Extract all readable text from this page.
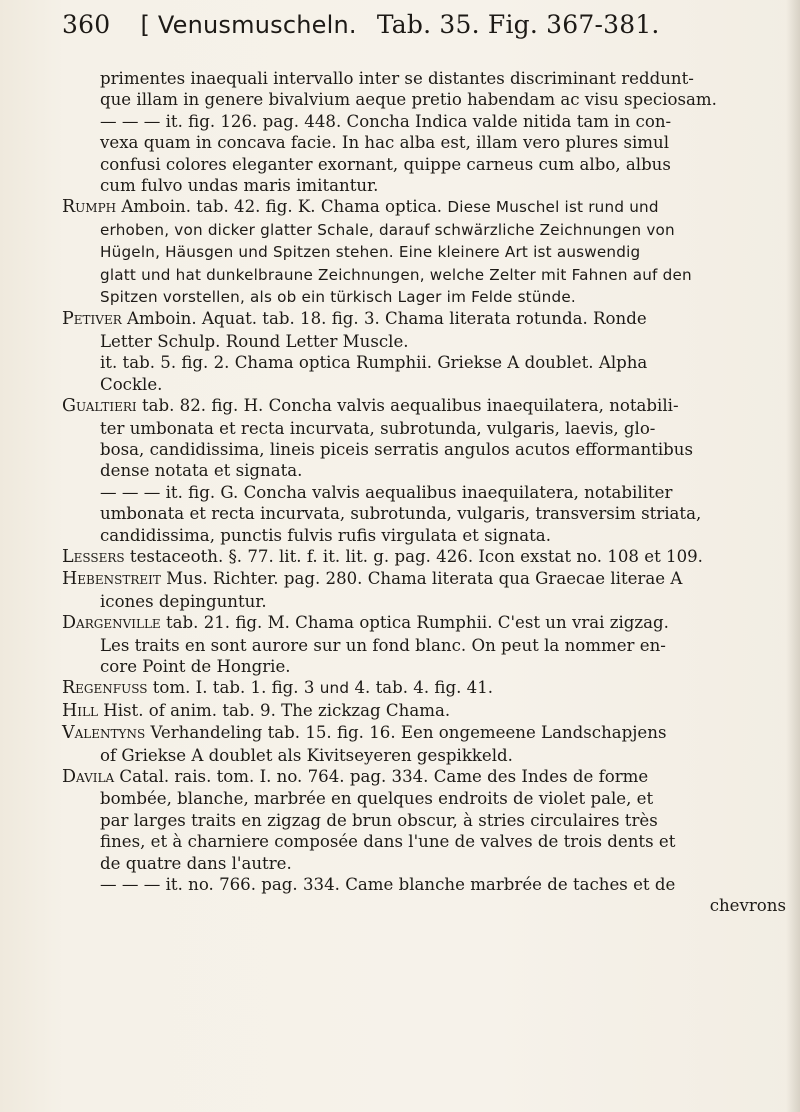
360 [ Venusmuscheln. Tab. 35. Fig. 367-381.
primentes inaequali intervallo inter se distantes discriminant reddunt-
que illam in genere bivalvium aeque pretio habendam ac visu speciosam.
— — — it. fig. 126. pag. 448. Concha Indica valde nitida tam in con-
vexa quam in concava facie. In hac alba est, illam vero plures simul
confusi colores eleganter exornant, quippe carneus cum albo, albus
cum fulvo undas maris imitantur.
Rumph Amboin. tab. 42. fig. K. Chama optica. Diese Muschel ist rund und
erhoben, von dicker glatter Schale, darauf schwärzliche Zeichnungen von
Hügeln, Häusgen und Spitzen stehen. Eine kleinere Art ist auswendig
glatt und hat dunkelbraune Zeichnungen, welche Zelter mit Fahnen auf den
Spitzen vorstellen, als ob ein türkisch Lager im Felde stünde.
Petiver Amboin. Aquat. tab. 18. fig. 3. Chama literata rotunda. Ronde
Letter Schulp. Round Letter Muscle.
it. tab. 5. fig. 2. Chama optica Rumphii. Griekse A doublet. Alpha
Cockle.
Gualtieri tab. 82. fig. H. Concha valvis aequalibus inaequilatera, notabili-
ter umbonata et recta incurvata, subrotunda, vulgaris, laevis, glo-
bosa, candidissima, lineis piceis serratis angulos acutos efformantibus
dense notata et signata.
— — — it. fig. G. Concha valvis aequalibus inaequilatera, notabiliter
umbonata et recta incurvata, subrotunda, vulgaris, transversim striata,
candidissima, punctis fulvis rufis virgulata et signata.
Lessers testaceoth. §. 77. lit. f. it. lit. g. pag. 426. Icon exstat no. 108 et 109.
Hebenstreit Mus. Richter. pag. 280. Chama literata qua Graecae literae A
icones depinguntur.
Dargenville tab. 21. fig. M. Chama optica Rumphii. C'est un vrai zigzag.
Les traits en sont aurore sur un fond blanc. On peut la nommer en-
core Point de Hongrie.
Regenfuss tom. I. tab. 1. fig. 3 und 4. tab. 4. fig. 41.
Hill Hist. of anim. tab. 9. The zickzag Chama.
Valentyns Verhandeling tab. 15. fig. 16. Een ongemeene Landschapjens
of Griekse A doublet als Kivitseyeren gespikkeld.
Davila Catal. rais. tom. I. no. 764. pag. 334. Came des Indes de forme
bombée, blanche, marbrée en quelques endroits de violet pale, et
par larges traits en zigzag de brun obscur, à stries circulaires très
fines, et à charniere composée dans l'une de valves de trois dents et
de quatre dans l'autre.
— — — it. no. 766. pag. 334. Came blanche marbrée de taches et de
chevrons
